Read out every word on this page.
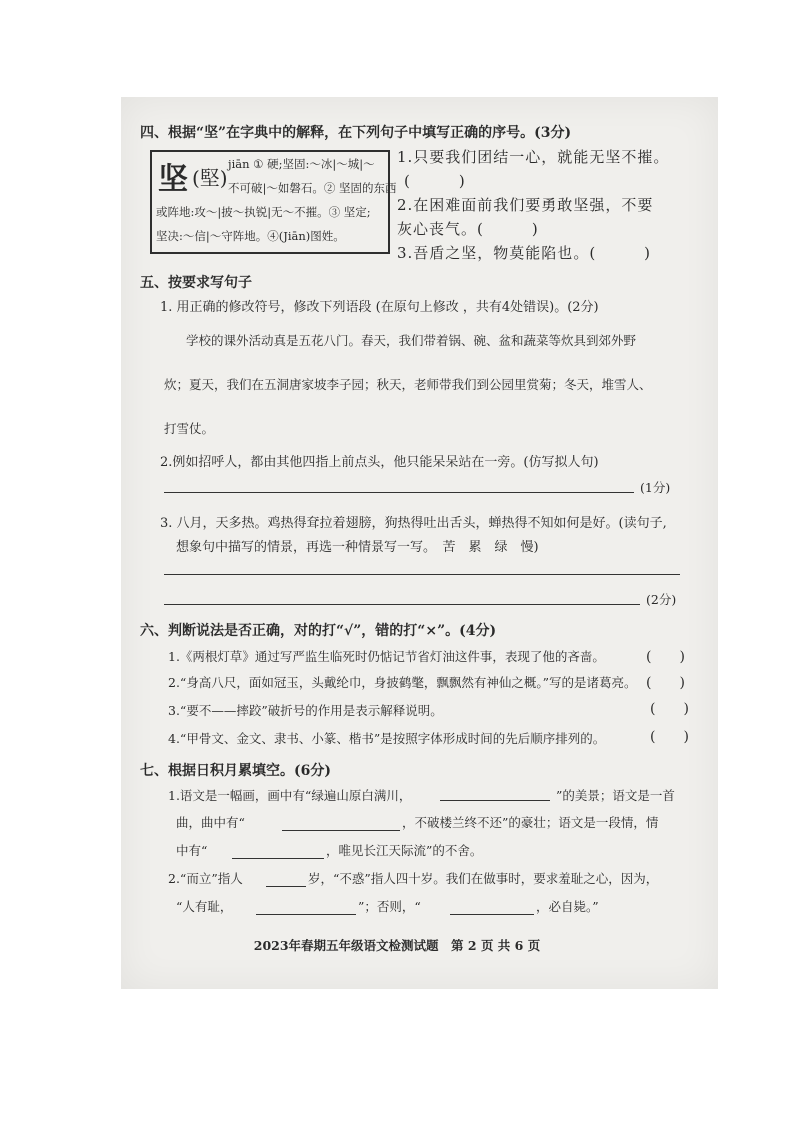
四、根据“坚”在字典中的解释，在下列句子中填写正确的序号。(3分)
坚 (堅)
jiān ① 硬;坚固:～冰|～城|～
不可破|～如磐石。② 坚固的东西
或阵地:攻～|披～执锐|无～不摧。③ 坚定;
坚决:～信|～守阵地。④(Jiān)图姓。
1.只要我们团结一心，就能无坚不摧。
(　　　)
2.在困难面前我们要勇敢坚强，不要
灰心丧气。(　　　)
3.吾盾之坚，物莫能陷也。(　　　)
五、按要求写句子
1. 用正确的修改符号，修改下列语段 (在原句上修改 ，共有4处错误)。(2分)
学校的课外活动真是五花八门。春天，我们带着锅、碗、盆和蔬菜等炊具到郊外野
炊；夏天，我们在五洞唐家坡李子园；秋天，老师带我们到公园里赏菊；冬天，堆雪人、
打雪仗。
2.例如招呼人，都由其他四指上前点头，他只能呆呆站在一旁。(仿写拟人句)
(1分)
3. 八月，天多热。鸡热得耷拉着翅膀，狗热得吐出舌头，蝉热得不知如何是好。(读句子,
想象句中描写的情景，再选一种情景写一写。　苦　累　绿　慢)
(2分)
六、判断说法是否正确，对的打“√”，错的打“×”。(4分)
1.《两根灯草》通过写严监生临死时仍惦记节省灯油这件事，表现了他的吝啬。	(　　)
2.“身高八尺，面如冠玉，头戴纶巾，身披鹤氅，飘飘然有神仙之概。”写的是诸葛亮。 (　　)
3.“要不——摔跤”破折号的作用是表示解释说明。	(　　)
4.“甲骨文、金文、隶书、小篆、楷书”是按照字体形成时间的先后顺序排列的。	(　　)
七、根据日积月累填空。(6分)
1.语文是一幅画，画中有“绿遍山原白满川，	”的美景；语文是一首
曲，曲中有“	，不破楼兰终不还”的豪壮；语文是一段情，情
中有“	，唯见长江天际流”的不舍。
2.“而立”指人	岁，“不惑”指人四十岁。我们在做事时，要求羞耻之心，因为，
“人有耻，	”；否则，“	，必自毙。”
2023年春期五年级语文检测试题　第 2 页 共 6 页
